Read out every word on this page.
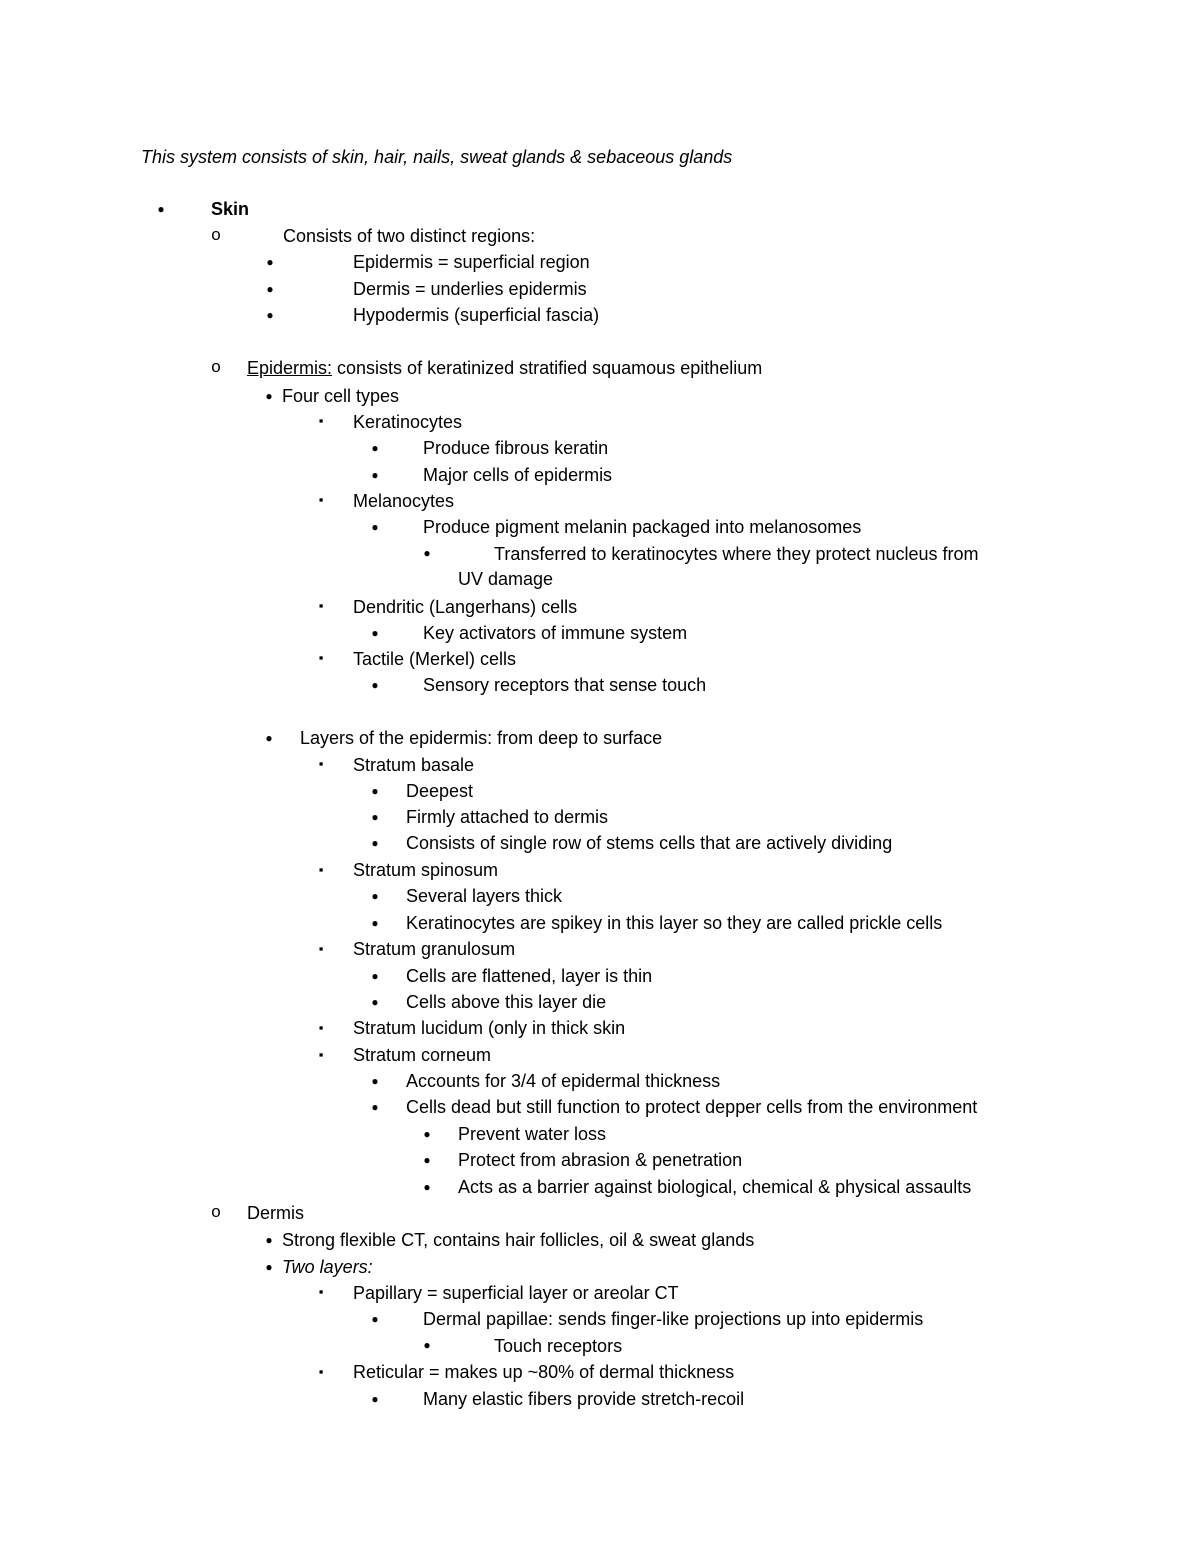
This system consists of skin, hair, nails, sweat glands & sebaceous glands
●
Skin
o
Consists of two distinct regions:
●
Epidermis = superficial region
●
Dermis = underlies epidermis
●
Hypodermis (superficial fascia)
o
Epidermis: consists of keratinized stratified squamous epithelium
●
Four cell types
▪
Keratinocytes
●
Produce fibrous keratin
●
Major cells of epidermis
▪
Melanocytes
●
Produce pigment melanin packaged into melanosomes
●
Transferred to keratinocytes where they protect nucleus from
UV damage
▪
Dendritic (Langerhans) cells
●
Key activators of immune system
▪
Tactile (Merkel) cells
●
Sensory receptors that sense touch
●
Layers of the epidermis: from deep to surface
▪
Stratum basale
●
Deepest
●
Firmly attached to dermis
●
Consists of single row of stems cells that are actively dividing
▪
Stratum spinosum
●
Several layers thick
●
Keratinocytes are spikey in this layer so they are called prickle cells
▪
Stratum granulosum
●
Cells are flattened, layer is thin
●
Cells above this layer die
▪
Stratum lucidum (only in thick skin
▪
Stratum corneum
●
Accounts for 3/4 of epidermal thickness
●
Cells dead but still function to protect depper cells from the environment
●
Prevent water loss
●
Protect from abrasion & penetration
●
Acts as a barrier against biological, chemical & physical assaults
o
Dermis
●
Strong flexible CT, contains hair follicles, oil & sweat glands
●
Two layers:
▪
Papillary = superficial layer or areolar CT
●
Dermal papillae: sends finger-like projections up into epidermis
●
Touch receptors
▪
Reticular = makes up ~80% of dermal thickness
●
Many elastic fibers provide stretch-recoil
